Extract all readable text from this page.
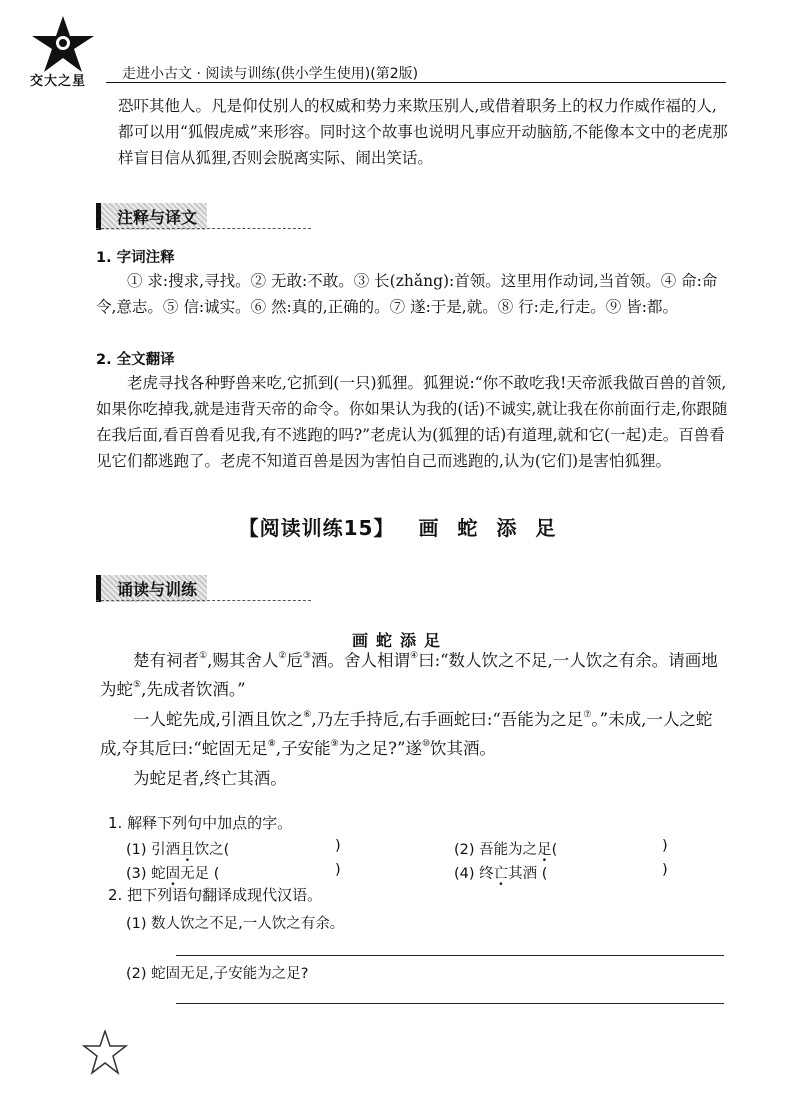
交大之星	走进小古文 · 阅读与训练(供小学生使用)(第2版)

恐吓其他人。凡是仰仗别人的权威和势力来欺压别人,或借着职务上的权力作威作福的人,都可以用“狐假虎威”来形容。同时这个故事也说明凡事应开动脑筋,不能像本文中的老虎那样盲目信从狐狸,否则会脱离实际、闹出笑话。

注释与译文
1. 字词注释

① 求:搜求,寻找。② 无敢:不敢。③ 长(zhǎng):首领。这里用作动词,当首领。④ 命:命令,意志。⑤ 信:诚实。⑥ 然:真的,正确的。⑦ 遂:于是,就。⑧ 行:走,行走。⑨ 皆:都。

2. 全文翻译

老虎寻找各种野兽来吃,它抓到(一只)狐狸。狐狸说:“你不敢吃我!天帝派我做百兽的首领,如果你吃掉我,就是违背天帝的命令。你如果认为我的(话)不诚实,就让我在你前面行走,你跟随在我后面,看百兽看见我,有不逃跑的吗?”老虎认为(狐狸的话)有道理,就和它(一起)走。百兽看见它们都逃跑了。老虎不知道百兽是因为害怕自己而逃跑的,认为(它们)是害怕狐狸。

【阅读训练15】 画 蛇 添 足
诵读与训练
画蛇添足

楚有祠者①,赐其舍人②卮③酒。舍人相谓④曰:“数人饮之不足,一人饮之有余。请画地为蛇⑤,先成者饮酒。”

一人蛇先成,引酒且饮之⑥,乃左手持卮,右手画蛇曰:“吾能为之足⑦。”未成,一人之蛇成,夺其卮曰:“蛇固无足⑧,子安能⑨为之足?”遂⑩饮其酒。

为蛇足者,终亡其酒。

1. 解释下列句中加点的字。
(1) 引酒且饮之(	)	(2) 吾能为之足(	)
(3) 蛇固无足 (	)	(4) 终亡其酒 (	)
2. 把下列语句翻译成现代汉语。
(1) 数人饮之不足,一人饮之有余。
(2) 蛇固无足,子安能为之足?
